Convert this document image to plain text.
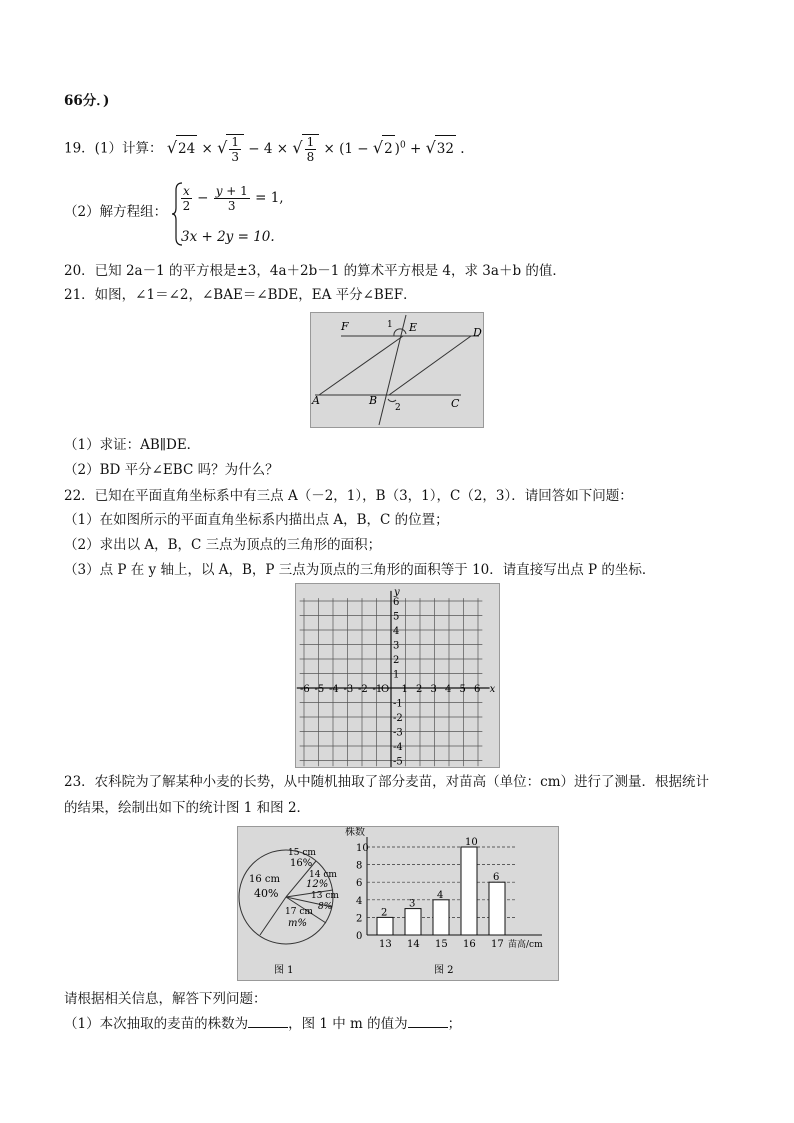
66分．)
19．(1）计算： √24 × √ $\frac{1}{3} - 4$ × √ $\frac{1}{8} \times (1 - √2$ )$^0$ + √32 .
（2）解方程组： $\frac{x}{2} - \frac{y + 1}{3} = 1$,
3x + 2y = 10.
20．已知 2a－1 的平方根是±3，4a＋2b－1 的算术平方根是 4，求 3a＋b 的值．
21．如图，∠1＝∠2，∠BAE＝∠BDE，EA 平分∠BEF．
F	E	D
1
A	B
2	C
（1）求证：AB∥DE．
（2）BD 平分∠EBC 吗？为什么？
22．已知在平面直角坐标系中有三点 A（－2，1），B（3，1），C（2，3）．请回答如下问题：
（1）在如图所示的平面直角坐标系内描出点 A，B，C 的位置；
（2）求出以 A，B，C 三点为顶点的三角形的面积；
（3）点 P 在 y 轴上，以 A，B，P 三点为顶点的三角形的面积等于 10．请直接写出点 P 的坐标．
-6 -5 -4 -3 -2 -1
O 1 2 3 4 5 6
6
5
4
3
2
1
-1
-2
-3
-4
-5
x
y
23．农科院为了解某种小麦的长势，从中随机抽取了部分麦苗，对苗高（单位：cm）进行了测量．根据统计
的结果，绘制出如下的统计图 1 和图 2．
15 cm
16%
14 cm
12%
13 cm
8%
17 cm
m%
16 cm
40%
图 1
0
2
4
6
8
10
2
13
3
14
4
15
10
16
6
17
株数
苗高/cm
图 2
请根据相关信息，解答下列问题：
（1）本次抽取的麦苗的株数为	，图 1 中 m 的值为	；
